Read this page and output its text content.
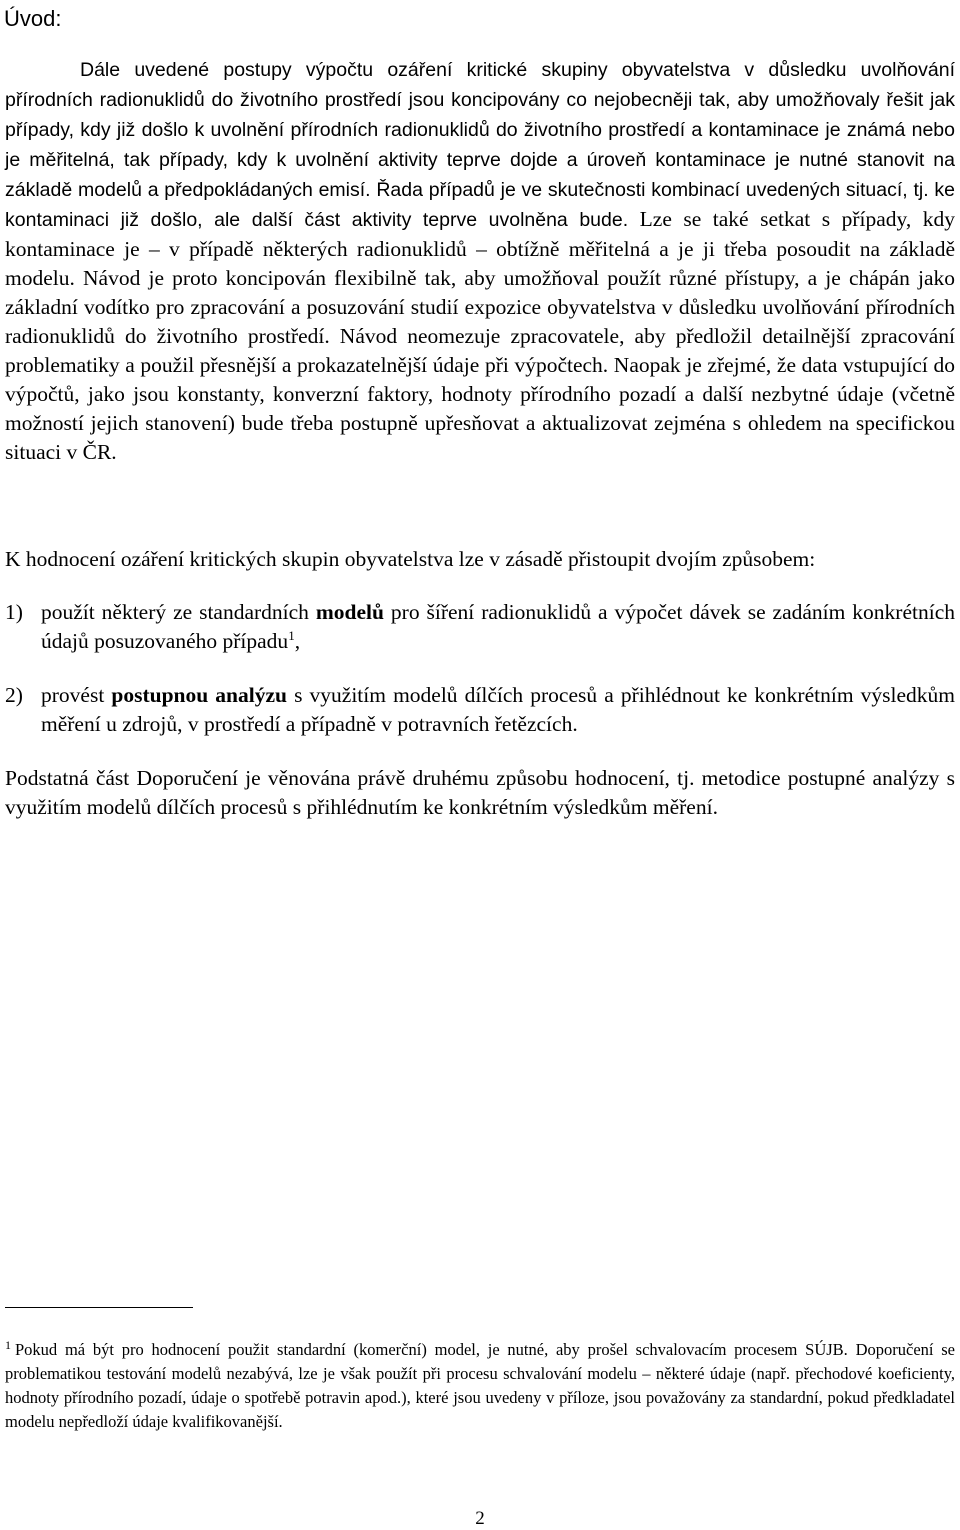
Úvod:

Dále uvedené postupy výpočtu ozáření kritické skupiny obyvatelstva v důsledku uvolňování přírodních radionuklidů do životního prostředí jsou koncipovány co nejobecněji tak, aby umožňovaly řešit jak případy, kdy již došlo k uvolnění přírodních radionuklidů do životního prostředí a kontaminace je známá nebo je měřitelná, tak případy, kdy k uvolnění aktivity teprve dojde a úroveň kontaminace je nutné stanovit na základě modelů a předpokládaných emisí. Řada případů je ve skutečnosti kombinací uvedených situací, tj. ke kontaminaci již došlo, ale další část aktivity teprve uvolněna bude. Lze se také setkat s případy, kdy kontaminace je – v případě některých radionuklidů – obtížně měřitelná a je ji třeba posoudit na základě modelu. Návod je proto koncipován flexibilně tak, aby umožňoval použít různé přístupy, a je chápán jako základní vodítko pro zpracování a posuzování studií expozice obyvatelstva v důsledku uvolňování přírodních radionuklidů do životního prostředí. Návod neomezuje zpracovatele, aby předložil detailnější zpracování problematiky a použil přesnější a prokazatelnější údaje při výpočtech. Naopak je zřejmé, že data vstupující do výpočtů, jako jsou konstanty, konverzní faktory, hodnoty přírodního pozadí a další nezbytné údaje (včetně možností jejich stanovení) bude třeba postupně upřesňovat a aktualizovat zejména s ohledem na specifickou situaci v ČR.

K hodnocení ozáření kritických skupin obyvatelstva lze v zásadě přistoupit dvojím způsobem:

1) použít některý ze standardních modelů pro šíření radionuklidů a výpočet dávek se zadáním konkrétních údajů posuzovaného případu$^1$,
2) provést postupnou analýzu s využitím modelů dílčích procesů a přihlédnout ke konkrétním výsledkům měření u zdrojů, v prostředí a případně v potravních řetězcích.

Podstatná část Doporučení je věnována právě druhému způsobu hodnocení, tj. metodice postupné analýzy s využitím modelů dílčích procesů s přihlédnutím ke konkrétním výsledkům měření.

$^1$ Pokud má být pro hodnocení použit standardní (komerční) model, je nutné, aby prošel schvalovacím procesem SÚJB. Doporučení se problematikou testování modelů nezabývá, lze je však použít při procesu schvalování modelu – některé údaje (např. přechodové koeficienty, hodnoty přírodního pozadí, údaje o spotřebě potravin apod.), které jsou uvedeny v příloze, jsou považovány za standardní, pokud předkladatel modelu nepředloží údaje kvalifikovanější.

2
